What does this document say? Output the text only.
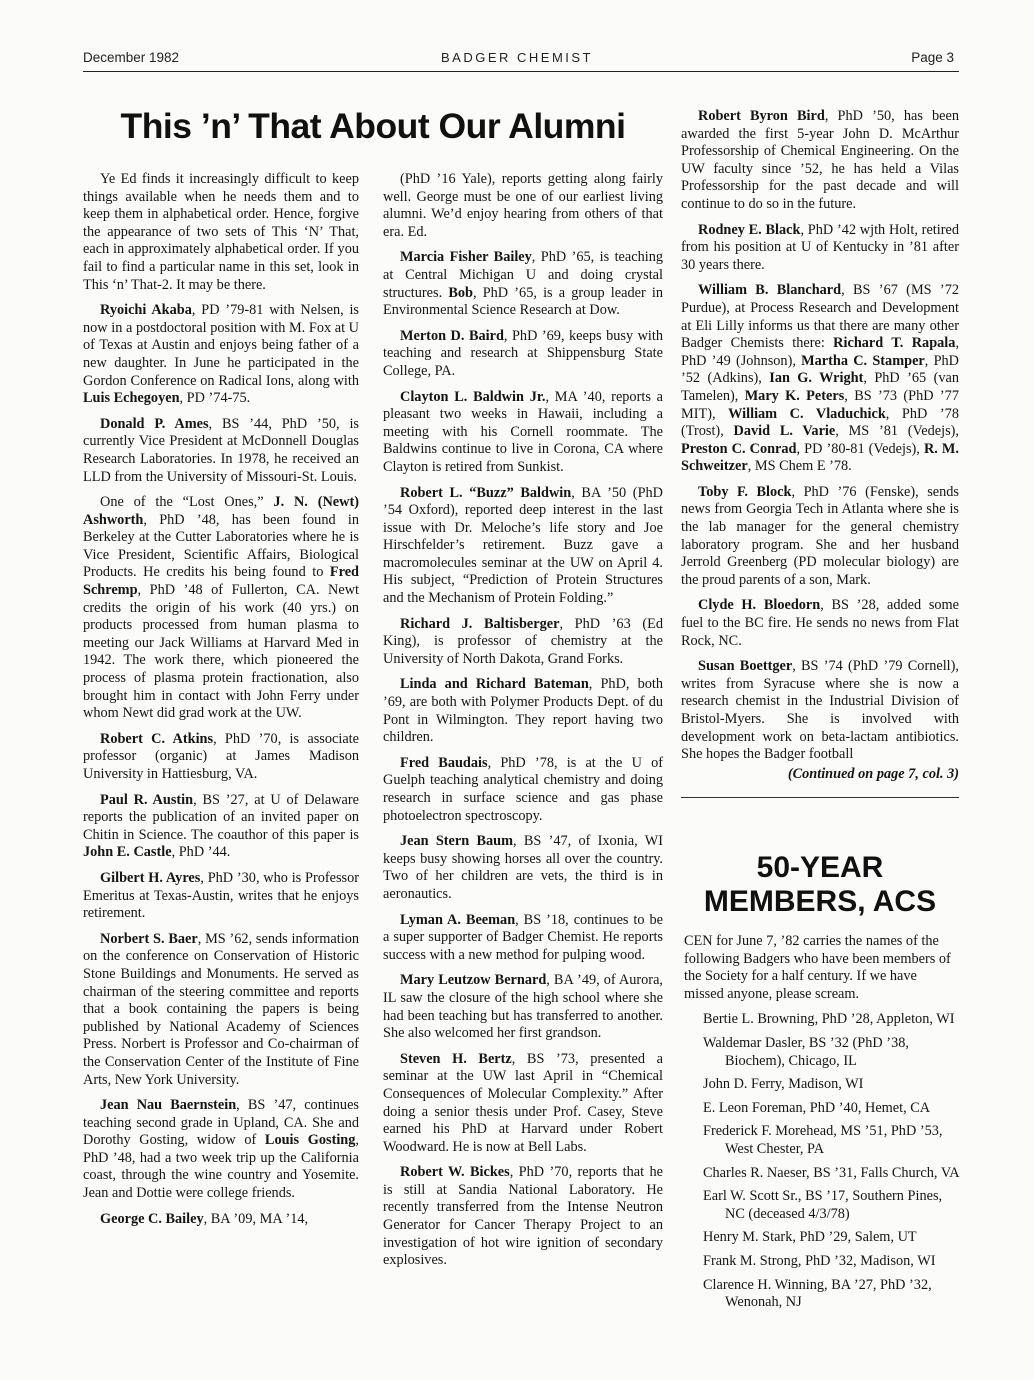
December 1982	BADGER CHEMIST	Page 3
This ’n’ That About Our Alumni

Ye Ed finds it increasingly difficult to keep things available when he needs them and to keep them in alphabetical order. Hence, forgive the appearance of two sets of This ‘N’ That, each in approximately alphabetical order. If you fail to find a particular name in this set, look in This ‘n’ That-2. It may be there.

Ryoichi Akaba, PD ’79-81 with Nelsen, is now in a postdoctoral position with M. Fox at U of Texas at Austin and enjoys being father of a new daughter. In June he participated in the Gordon Conference on Radical Ions, along with Luis Echegoyen, PD ’74-75.

Donald P. Ames, BS ’44, PhD ’50, is currently Vice President at McDonnell Douglas Research Laboratories. In 1978, he received an LLD from the University of Missouri-St. Louis.

One of the “Lost Ones,” J. N. (Newt) Ashworth, PhD ’48, has been found in Berkeley at the Cutter Laboratories where he is Vice President, Scientific Affairs, Biological Products. He credits his being found to Fred Schremp, PhD ’48 of Fullerton, CA. Newt credits the origin of his work (40 yrs.) on products processed from human plasma to meeting our Jack Williams at Harvard Med in 1942. The work there, which pioneered the process of plasma protein fractionation, also brought him in contact with John Ferry under whom Newt did grad work at the UW.

Robert C. Atkins, PhD ’70, is associate professor (organic) at James Madison University in Hattiesburg, VA.

Paul R. Austin, BS ’27, at U of Delaware reports the publication of an invited paper on Chitin in Science. The coauthor of this paper is John E. Castle, PhD ’44.

Gilbert H. Ayres, PhD ’30, who is Professor Emeritus at Texas-Austin, writes that he enjoys retirement.

Norbert S. Baer, MS ’62, sends information on the conference on Conservation of Historic Stone Buildings and Monuments. He served as chairman of the steering committee and reports that a book containing the papers is being published by National Academy of Sciences Press. Norbert is Professor and Co-chairman of the Conservation Center of the Institute of Fine Arts, New York University.

Jean Nau Baernstein, BS ’47, continues teaching second grade in Upland, CA. She and Dorothy Gosting, widow of Louis Gosting, PhD ’48, had a two week trip up the California coast, through the wine country and Yosemite. Jean and Dottie were college friends.

George C. Bailey, BA ’09, MA ’14,

(PhD ’16 Yale), reports getting along fairly well. George must be one of our earliest living alumni. We’d enjoy hearing from others of that era. Ed.

Marcia Fisher Bailey, PhD ’65, is teaching at Central Michigan U and doing crystal structures. Bob, PhD ’65, is a group leader in Environmental Science Research at Dow.

Merton D. Baird, PhD ’69, keeps busy with teaching and research at Shippensburg State College, PA.

Clayton L. Baldwin Jr., MA ’40, reports a pleasant two weeks in Hawaii, including a meeting with his Cornell roommate. The Baldwins continue to live in Corona, CA where Clayton is retired from Sunkist.

Robert L. “Buzz” Baldwin, BA ’50 (PhD ’54 Oxford), reported deep interest in the last issue with Dr. Meloche’s life story and Joe Hirschfelder’s retirement. Buzz gave a macromolecules seminar at the UW on April 4. His subject, “Prediction of Protein Structures and the Mechanism of Protein Folding.”

Richard J. Baltisberger, PhD ’63 (Ed King), is professor of chemistry at the University of North Dakota, Grand Forks.

Linda and Richard Bateman, PhD, both ’69, are both with Polymer Products Dept. of du Pont in Wilmington. They report having two children.

Fred Baudais, PhD ’78, is at the U of Guelph teaching analytical chemistry and doing research in surface science and gas phase photoelectron spectroscopy.

Jean Stern Baum, BS ’47, of Ixonia, WI keeps busy showing horses all over the country. Two of her children are vets, the third is in aeronautics.

Lyman A. Beeman, BS ’18, continues to be a super supporter of Badger Chemist. He reports success with a new method for pulping wood.

Mary Leutzow Bernard, BA ’49, of Aurora, IL saw the closure of the high school where she had been teaching but has transferred to another. She also welcomed her first grandson.

Steven H. Bertz, BS ’73, presented a seminar at the UW last April in “Chemical Consequences of Molecular Complexity.” After doing a senior thesis under Prof. Casey, Steve earned his PhD at Harvard under Robert Woodward. He is now at Bell Labs.

Robert W. Bickes, PhD ’70, reports that he is still at Sandia National Laboratory. He recently transferred from the Intense Neutron Generator for Cancer Therapy Project to an investigation of hot wire ignition of secondary explosives.

Robert Byron Bird, PhD ’50, has been awarded the first 5-year John D. McArthur Professorship of Chemical Engineering. On the UW faculty since ’52, he has held a Vilas Professorship for the past decade and will continue to do so in the future.

Rodney E. Black, PhD ’42 wjth Holt, retired from his position at U of Kentucky in ’81 after 30 years there.

William B. Blanchard, BS ’67 (MS ’72 Purdue), at Process Research and Development at Eli Lilly informs us that there are many other Badger Chemists there: Richard T. Rapala, PhD ’49 (Johnson), Martha C. Stamper, PhD ’52 (Adkins), Ian G. Wright, PhD ’65 (van Tamelen), Mary K. Peters, BS ’73 (PhD ’77 MIT), William C. Vladuchick, PhD ’78 (Trost), David L. Varie, MS ’81 (Vedejs), Preston C. Conrad, PD ’80-81 (Vedejs), R. M. Schweitzer, MS Chem E ’78.

Toby F. Block, PhD ’76 (Fenske), sends news from Georgia Tech in Atlanta where she is the lab manager for the general chemistry laboratory program. She and her husband Jerrold Greenberg (PD molecular biology) are the proud parents of a son, Mark.

Clyde H. Bloedorn, BS ’28, added some fuel to the BC fire. He sends no news from Flat Rock, NC.

Susan Boettger, BS ’74 (PhD ’79 Cornell), writes from Syracuse where she is now a research chemist in the Industrial Division of Bristol-Myers. She is involved with development work on beta-lactam antibiotics. She hopes the Badger football

(Continued on page 7, col. 3)

50-YEAR MEMBERS, ACS

CEN for June 7, ’82 carries the names of the following Badgers who have been members of the Society for a half century. If we have missed anyone, please scream.

Bertie L. Browning, PhD ’28, Appleton, WI
Waldemar Dasler, BS ’32 (PhD ’38, Biochem), Chicago, IL
John D. Ferry, Madison, WI
E. Leon Foreman, PhD ’40, Hemet, CA
Frederick F. Morehead, MS ’51, PhD ’53, West Chester, PA
Charles R. Naeser, BS ’31, Falls Church, VA
Earl W. Scott Sr., BS ’17, Southern Pines, NC (deceased 4/3/78)
Henry M. Stark, PhD ’29, Salem, UT
Frank M. Strong, PhD ’32, Madison, WI
Clarence H. Winning, BA ’27, PhD ’32, Wenonah, NJ
